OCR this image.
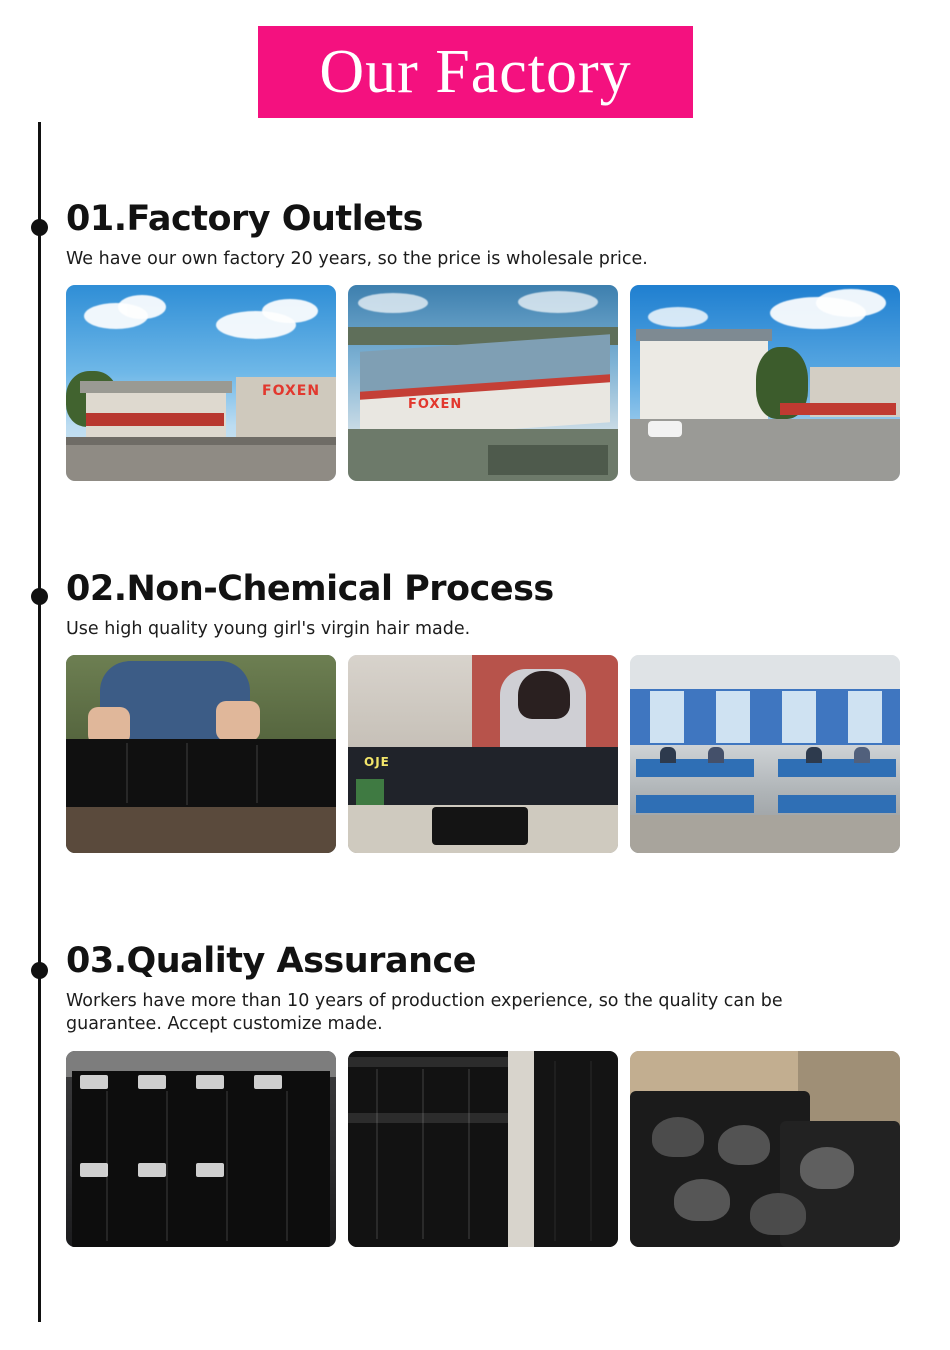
Our Factory
01.Factory Outlets

We have our own factory 20 years, so the price is wholesale price.

FOXEN
FOXEN
02.Non-Chemical Process

Use high quality young girl's virgin hair made.

OJE
03.Quality Assurance

Workers have more than 10 years of production experience, so the quality can be guarantee. Accept customize made.
